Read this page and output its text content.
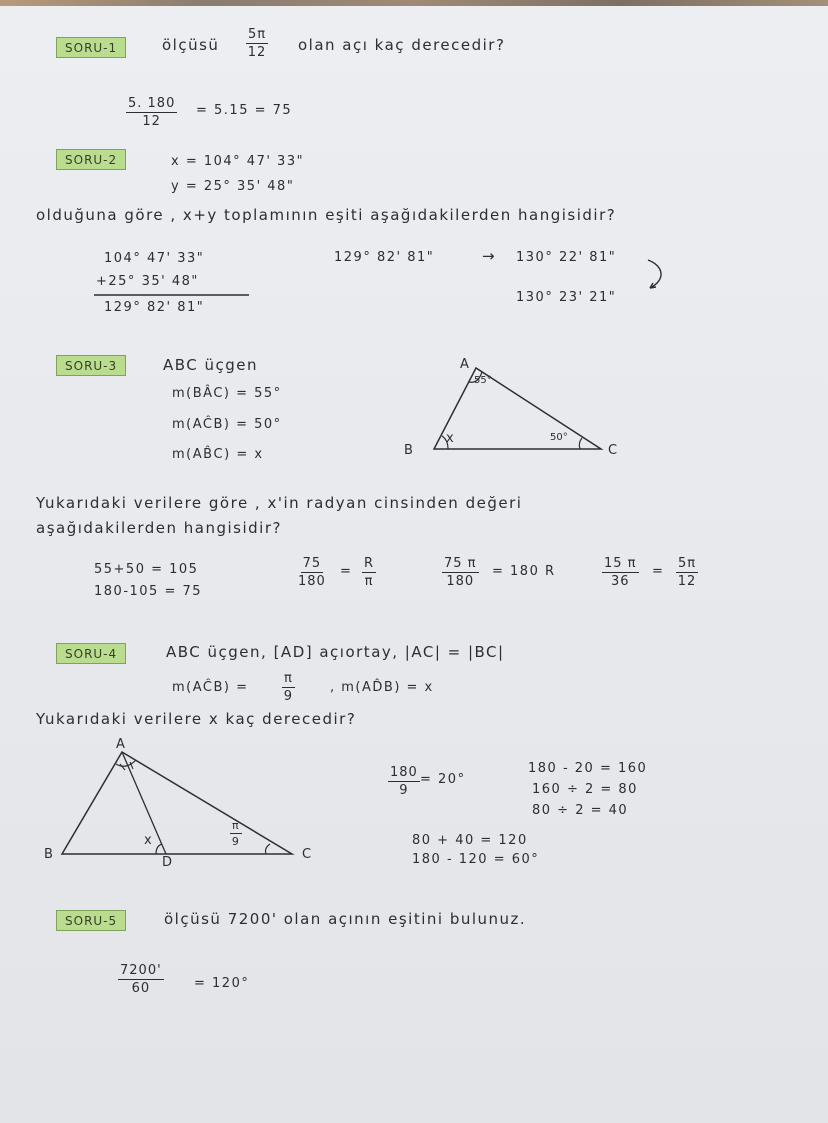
SORU-1	ölçüsü $\frac{5\pi}{12}$ olan açı kaç derecedir?
$\frac{5. 180}{12} = 5.15 = 75$
SORU-2	x = 104° 47' 33"
y = 25° 35' 48"
olduğuna göre , x+y toplamının eşiti aşağıdakilerden hangisidir?
104° 47' 33"
+25° 35' 48"
129° 82' 81"
129° 82' 81"	→ 130° 22' 81"
130° 23' 21"
SORU-3	ABC üçgen
m(BÂC) = 55°
m(AĈB) = 50°
m(AB̂C) = x
A
B	C
55°
x	50°
Yukarıdaki verilere göre , x'in radyan cinsinden değeri
aşağıdakilerden hangisidir?
55+50 = 105
180-105 = 75
$\frac{75}{180} = \frac{R}{\pi}$	$\frac{75 \pi}{180} = 180$ R	$\frac{15 \pi}{36} = \frac{5\pi}{12}$
SORU-4	ABC üçgen, [AD] açıortay, |AC| = |BC|
m(AĈB) =	$\frac{\pi}{9}$	, m(AD̂B) = x
Yukarıdaki verilere x kaç derecedir?
A
B	C
D
x	$\frac{\pi}{9}$
$\frac{180}{9} = 20^\circ$
180 - 20 = 160
160 ÷ 2 = 80
80 ÷ 2 = 40
80 + 40 = 120
180 - 120 = 60°
SORU-5	ölçüsü 7200' olan açının eşitini bulunuz.
$\frac{7200'}{60} = 120^\circ$
